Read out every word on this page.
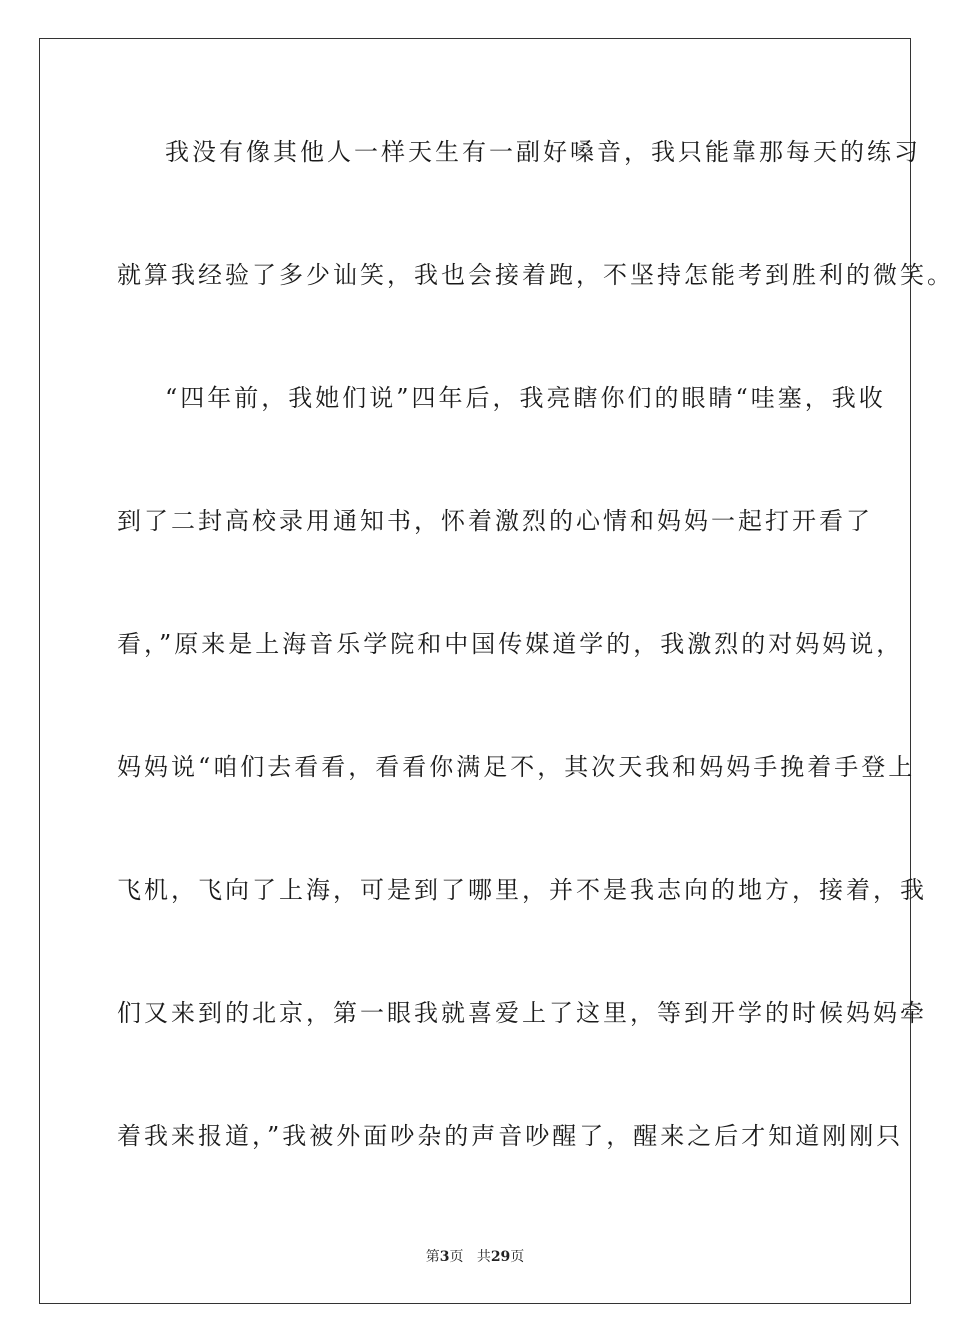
我没有像其他人一样天生有一副好嗓音，我只能靠那每天的练习
就算我经验了多少讪笑，我也会接着跑，不坚持怎能考到胜利的微笑。
“四年前，我她们说”四年后，我亮瞎你们的眼睛“哇塞，我收
到了二封高校录用通知书，怀着激烈的心情和妈妈一起打开看了
看，”原来是上海音乐学院和中国传媒道学的，我激烈的对妈妈说，
妈妈说“咱们去看看，看看你满足不，其次天我和妈妈手挽着手登上
飞机，飞向了上海，可是到了哪里，并不是我志向的地方，接着，我
们又来到的北京，第一眼我就喜爱上了这里，等到开学的时候妈妈牵
着我来报道，”我被外面吵杂的声音吵醒了，醒来之后才知道刚刚只
第3页 共29页
